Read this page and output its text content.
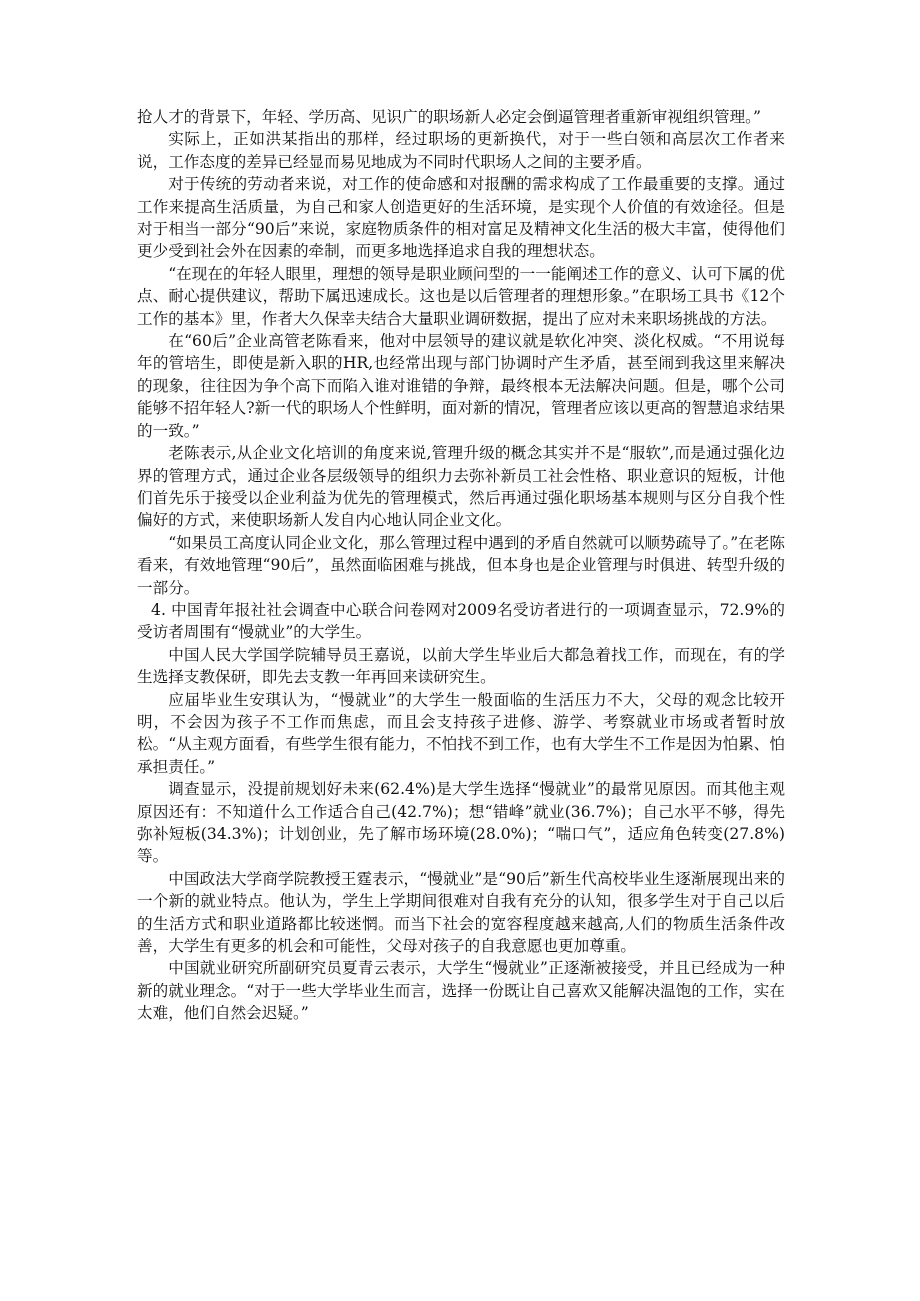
抢人才的背景下，年轻、学历高、见识广的职场新人必定会倒逼管理者重新审视组织管理。”

实际上，正如洪某指出的那样，经过职场的更新换代，对于一些白领和高层次工作者来说，工作态度的差异已经显而易见地成为不同时代职场人之间的主要矛盾。

对于传统的劳动者来说，对工作的使命感和对报酬的需求构成了工作最重要的支撑。通过工作来提高生活质量，为自己和家人创造更好的生活环境，是实现个人价值的有效途径。但是对于相当一部分“90后”来说，家庭物质条件的相对富足及精神文化生活的极大丰富，使得他们更少受到社会外在因素的牵制，而更多地选择追求自我的理想状态。

“在现在的年轻人眼里，理想的领导是职业顾问型的一一能阐述工作的意义、认可下属的优点、耐心提供建议，帮助下属迅速成长。这也是以后管理者的理想形象。”在职场工具书《12个工作的基本》里，作者大久保幸夫结合大量职业调研数据，提出了应对未来职场挑战的方法。

在“60后”企业高管老陈看来，他对中层领导的建议就是软化冲突、淡化权威。“不用说每年的管培生，即使是新入职的HR,也经常出现与部门协调时产生矛盾，甚至闹到我这里来解决的现象，往往因为争个高下而陷入谁对谁错的争辩，最终根本无法解决问题。但是，哪个公司能够不招年轻人?新一代的职场人个性鲜明，面对新的情况，管理者应该以更高的智慧追求结果的一致。”

老陈表示,从企业文化培训的角度来说,管理升级的概念其实并不是“服软”,而是通过强化边界的管理方式，通过企业各层级领导的组织力去弥补新员工社会性格、职业意识的短板，计他们首先乐于接受以企业利益为优先的管理模式，然后再通过强化职场基本规则与区分自我个性偏好的方式，来使职场新人发自内心地认同企业文化。

“如果员工高度认同企业文化，那么管理过程中遇到的矛盾自然就可以顺势疏导了。”在老陈看来，有效地管理“90后”，虽然面临困难与挑战，但本身也是企业管理与时俱进、转型升级的一部分。

4. 中国青年报社社会调查中心联合问卷网对2009名受访者进行的一项调查显示，72.9%的受访者周围有“慢就业”的大学生。

中国人民大学国学院辅导员王嘉说，以前大学生毕业后大都急着找工作，而现在，有的学生选择支教保研，即先去支教一年再回来读研究生。

应届毕业生安琪认为，“慢就业”的大学生一般面临的生活压力不大，父母的观念比较开明，不会因为孩子不工作而焦虑，而且会支持孩子进修、游学、考察就业市场或者暂时放松。“从主观方面看，有些学生很有能力，不怕找不到工作，也有大学生不工作是因为怕累、怕承担责任。”

调查显示，没提前规划好未来(62.4%)是大学生选择“慢就业”的最常见原因。而其他主观原因还有：不知道什么工作适合自己(42.7%)；想“错峰”就业(36.7%)；自己水平不够，得先弥补短板(34.3%)；计划创业，先了解市场环境(28.0%)；“喘口气”，适应角色转变(27.8%)等。

中国政法大学商学院教授王霆表示，“慢就业”是“90后”新生代高校毕业生逐渐展现出来的一个新的就业特点。他认为，学生上学期间很难对自我有充分的认知，很多学生对于自己以后的生活方式和职业道路都比较迷惘。而当下社会的宽容程度越来越高,人们的物质生活条件改善，大学生有更多的机会和可能性，父母对孩子的自我意愿也更加尊重。

中国就业研究所副研究员夏青云表示，大学生“慢就业”正逐渐被接受，并且已经成为一种新的就业理念。“对于一些大学毕业生而言，选择一份既让自己喜欢又能解决温饱的工作，实在太难，他们自然会迟疑。”
